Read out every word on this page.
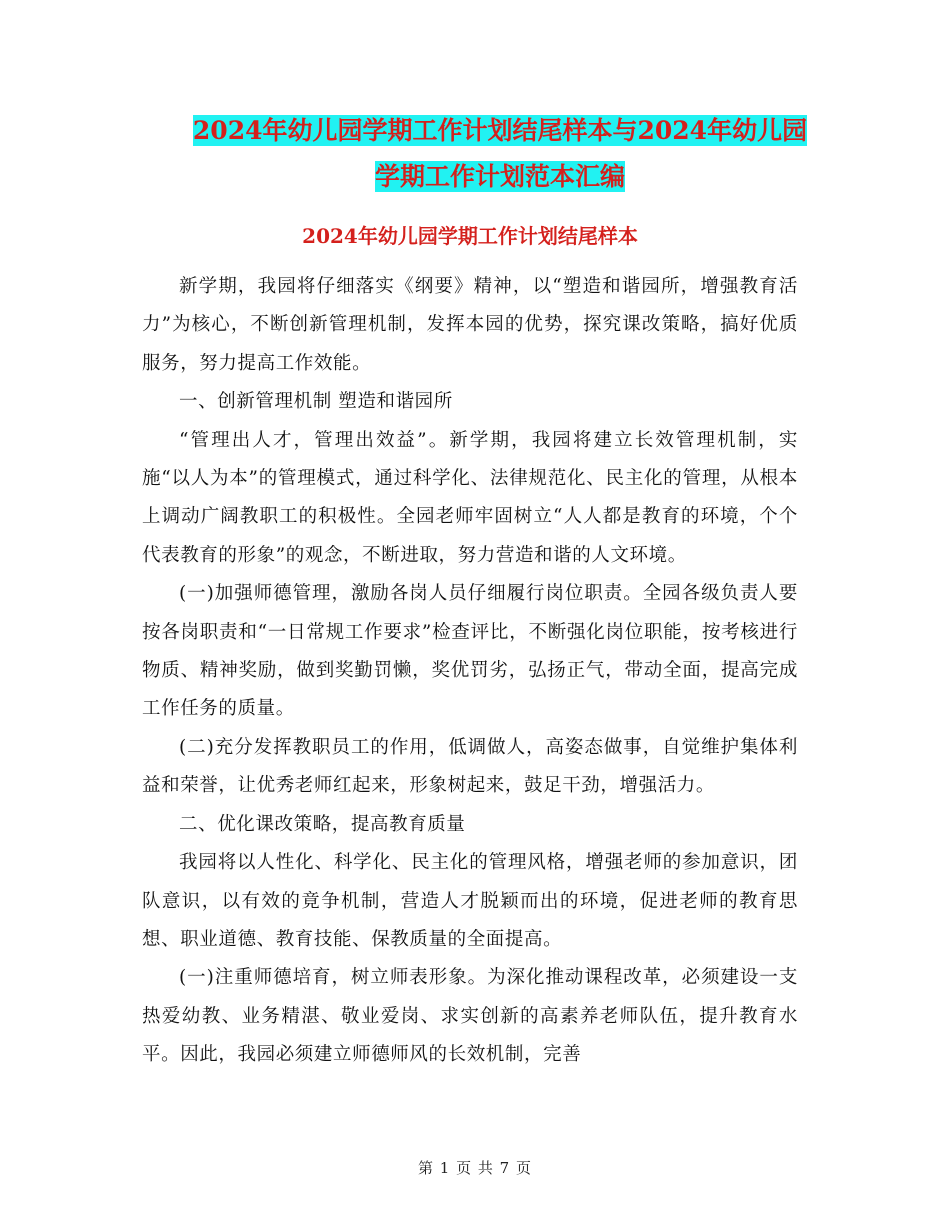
2024年幼儿园学期工作计划结尾样本与2024年幼儿园
学期工作计划范本汇编
2024年幼儿园学期工作计划结尾样本

新学期，我园将仔细落实《纲要》精神，以“塑造和谐园所，增强教育活力”为核心，不断创新管理机制，发挥本园的优势，探究课改策略，搞好优质服务，努力提高工作效能。

一、创新管理机制 塑造和谐园所

“管理出人才，管理出效益”。新学期，我园将建立长效管理机制，实施“以人为本”的管理模式，通过科学化、法律规范化、民主化的管理，从根本上调动广阔教职工的积极性。全园老师牢固树立“人人都是教育的环境，个个代表教育的形象”的观念，不断进取，努力营造和谐的人文环境。

(一)加强师德管理，激励各岗人员仔细履行岗位职责。全园各级负责人要按各岗职责和“一日常规工作要求”检查评比，不断强化岗位职能，按考核进行物质、精神奖励，做到奖勤罚懒，奖优罚劣，弘扬正气，带动全面，提高完成工作任务的质量。

(二)充分发挥教职员工的作用，低调做人，高姿态做事，自觉维护集体利益和荣誉，让优秀老师红起来，形象树起来，鼓足干劲，增强活力。

二、优化课改策略，提高教育质量

我园将以人性化、科学化、民主化的管理风格，增强老师的参加意识，团队意识，以有效的竟争机制，营造人才脱颖而出的环境，促进老师的教育思想、职业道德、教育技能、保教质量的全面提高。

(一)注重师德培育，树立师表形象。为深化推动课程改革，必须建设一支热爱幼教、业务精湛、敬业爱岗、求实创新的高素养老师队伍，提升教育水平。因此，我园必须建立师德师风的长效机制，完善

第 1 页 共 7 页
